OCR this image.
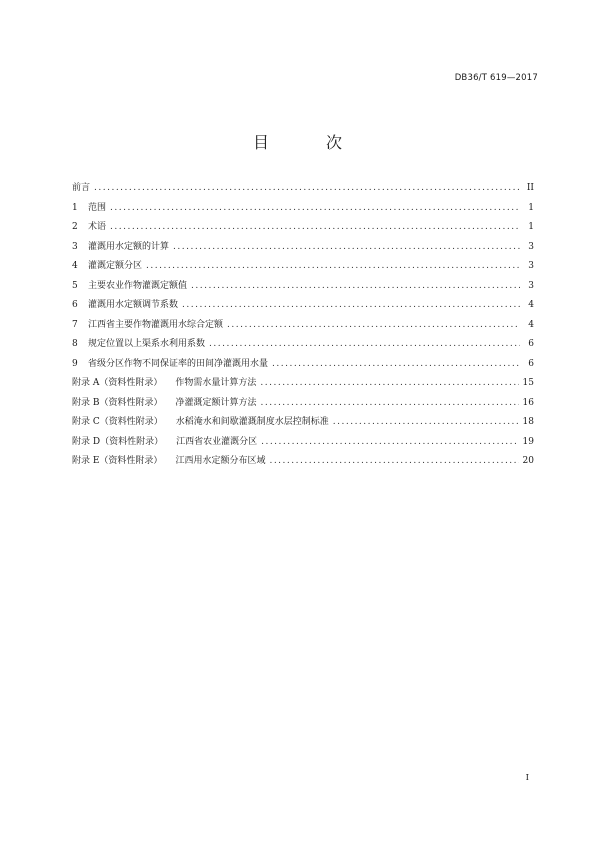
DB36/T 619—2017
目 次
前言 .....	II
1	范围 .....	1
2	术语 .....	1
3	灌溉用水定额的计算 .....	3
4	灌溉定额分区 .....	3
5	主要农业作物灌溉定额值 .....	3
6	灌溉用水定额调节系数 .....	4
7	江西省主要作物灌溉用水综合定额 .....	4
8	规定位置以上渠系水利用系数 .....	6
9	省级分区作物不同保证率的田间净灌溉用水量 .....	6
附录 A（资料性附录） 作物需水量计算方法 .....	15
附录 B（资料性附录） 净灌溉定额计算方法 .....	16
附录 C（资料性附录） 水稻淹水和间歇灌溉制度水层控制标准 .....	18
附录 D（资料性附录） 江西省农业灌溉分区 .....	19
附录 E（资料性附录） 江西用水定额分布区域 .....	20
I
